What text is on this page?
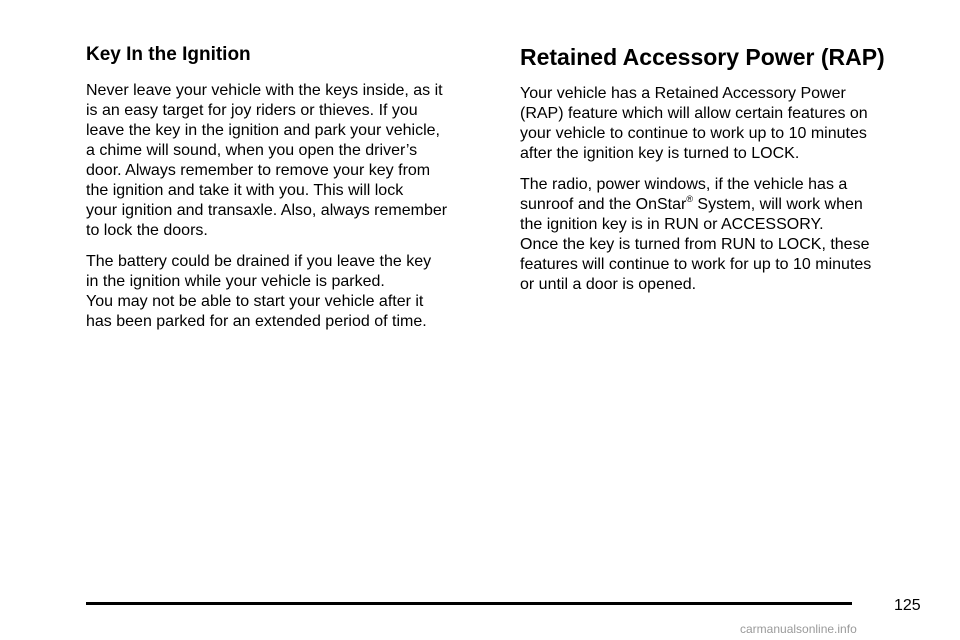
Key In the Ignition

Never leave your vehicle with the keys inside, as it
is an easy target for joy riders or thieves. If you
leave the key in the ignition and park your vehicle,
a chime will sound, when you open the driver’s
door. Always remember to remove your key from
the ignition and take it with you. This will lock
your ignition and transaxle. Also, always remember
to lock the doors.

The battery could be drained if you leave the key
in the ignition while your vehicle is parked.

You may not be able to start your vehicle after it
has been parked for an extended period of time.

Retained Accessory Power (RAP)

Your vehicle has a Retained Accessory Power
(RAP) feature which will allow certain features on
your vehicle to continue to work up to 10 minutes
after the ignition key is turned to LOCK.

The radio, power windows, if the vehicle has a
sunroof and the OnStar® System, will work when
the ignition key is in RUN or ACCESSORY.

Once the key is turned from RUN to LOCK, these
features will continue to work for up to 10 minutes
or until a door is opened.

125
carmanualsonline.info
